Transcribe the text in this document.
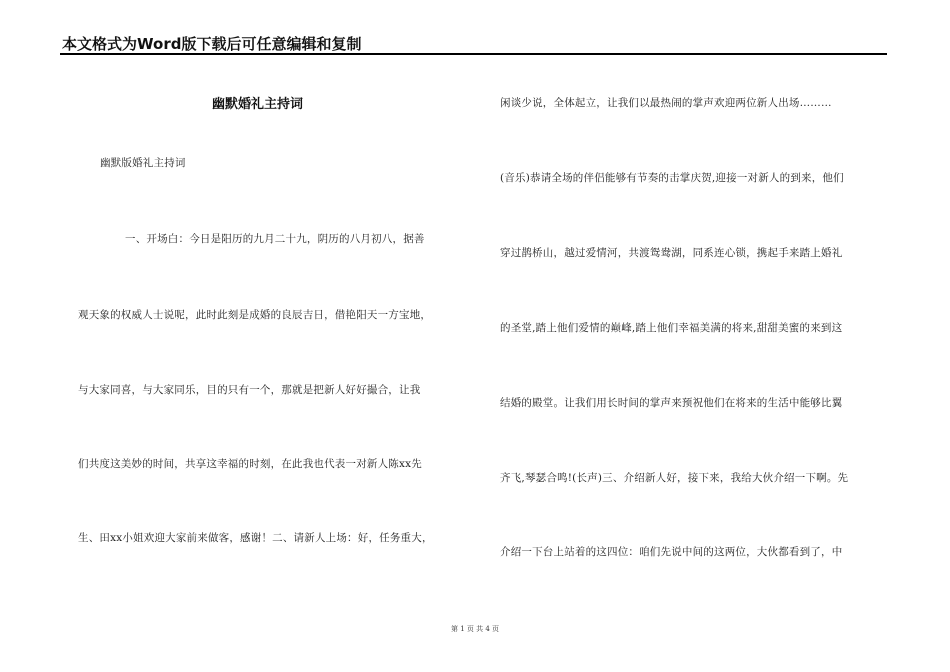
本文格式为Word版下载后可任意编辑和复制
幽默婚礼主持词
幽默版婚礼主持词
一、开场白：今日是阳历的九月二十九，阴历的八月初八，据善
观天象的权威人士说呢，此时此刻是成婚的良辰吉日，借艳阳天一方宝地，
与大家同喜，与大家同乐，目的只有一个，那就是把新人好好撮合，让我
们共度这美妙的时间，共享这幸福的时刻，在此我也代表一对新人陈xx先
生、田xx小姐欢迎大家前来做客，感谢！二、请新人上场：好，任务重大，
闲谈少说，全体起立，让我们以最热闹的掌声欢迎两位新人出场………
(音乐)恭请全场的伴侣能够有节奏的击掌庆贺,迎接一对新人的到来，他们
穿过鹊桥山，越过爱情河，共渡鸳鸯湖，同系连心锁，携起手来踏上婚礼
的圣堂,踏上他们爱情的巅峰,踏上他们幸福美满的将来,甜甜美蜜的来到这
结婚的殿堂。让我们用长时间的掌声来预祝他们在将来的生活中能够比翼
齐飞,琴瑟合鸣!(长声)三、介绍新人好，接下来，我给大伙介绍一下啊。先
介绍一下台上站着的这四位：咱们先说中间的这两位，大伙都看到了，中
第 1 页 共 4 页
